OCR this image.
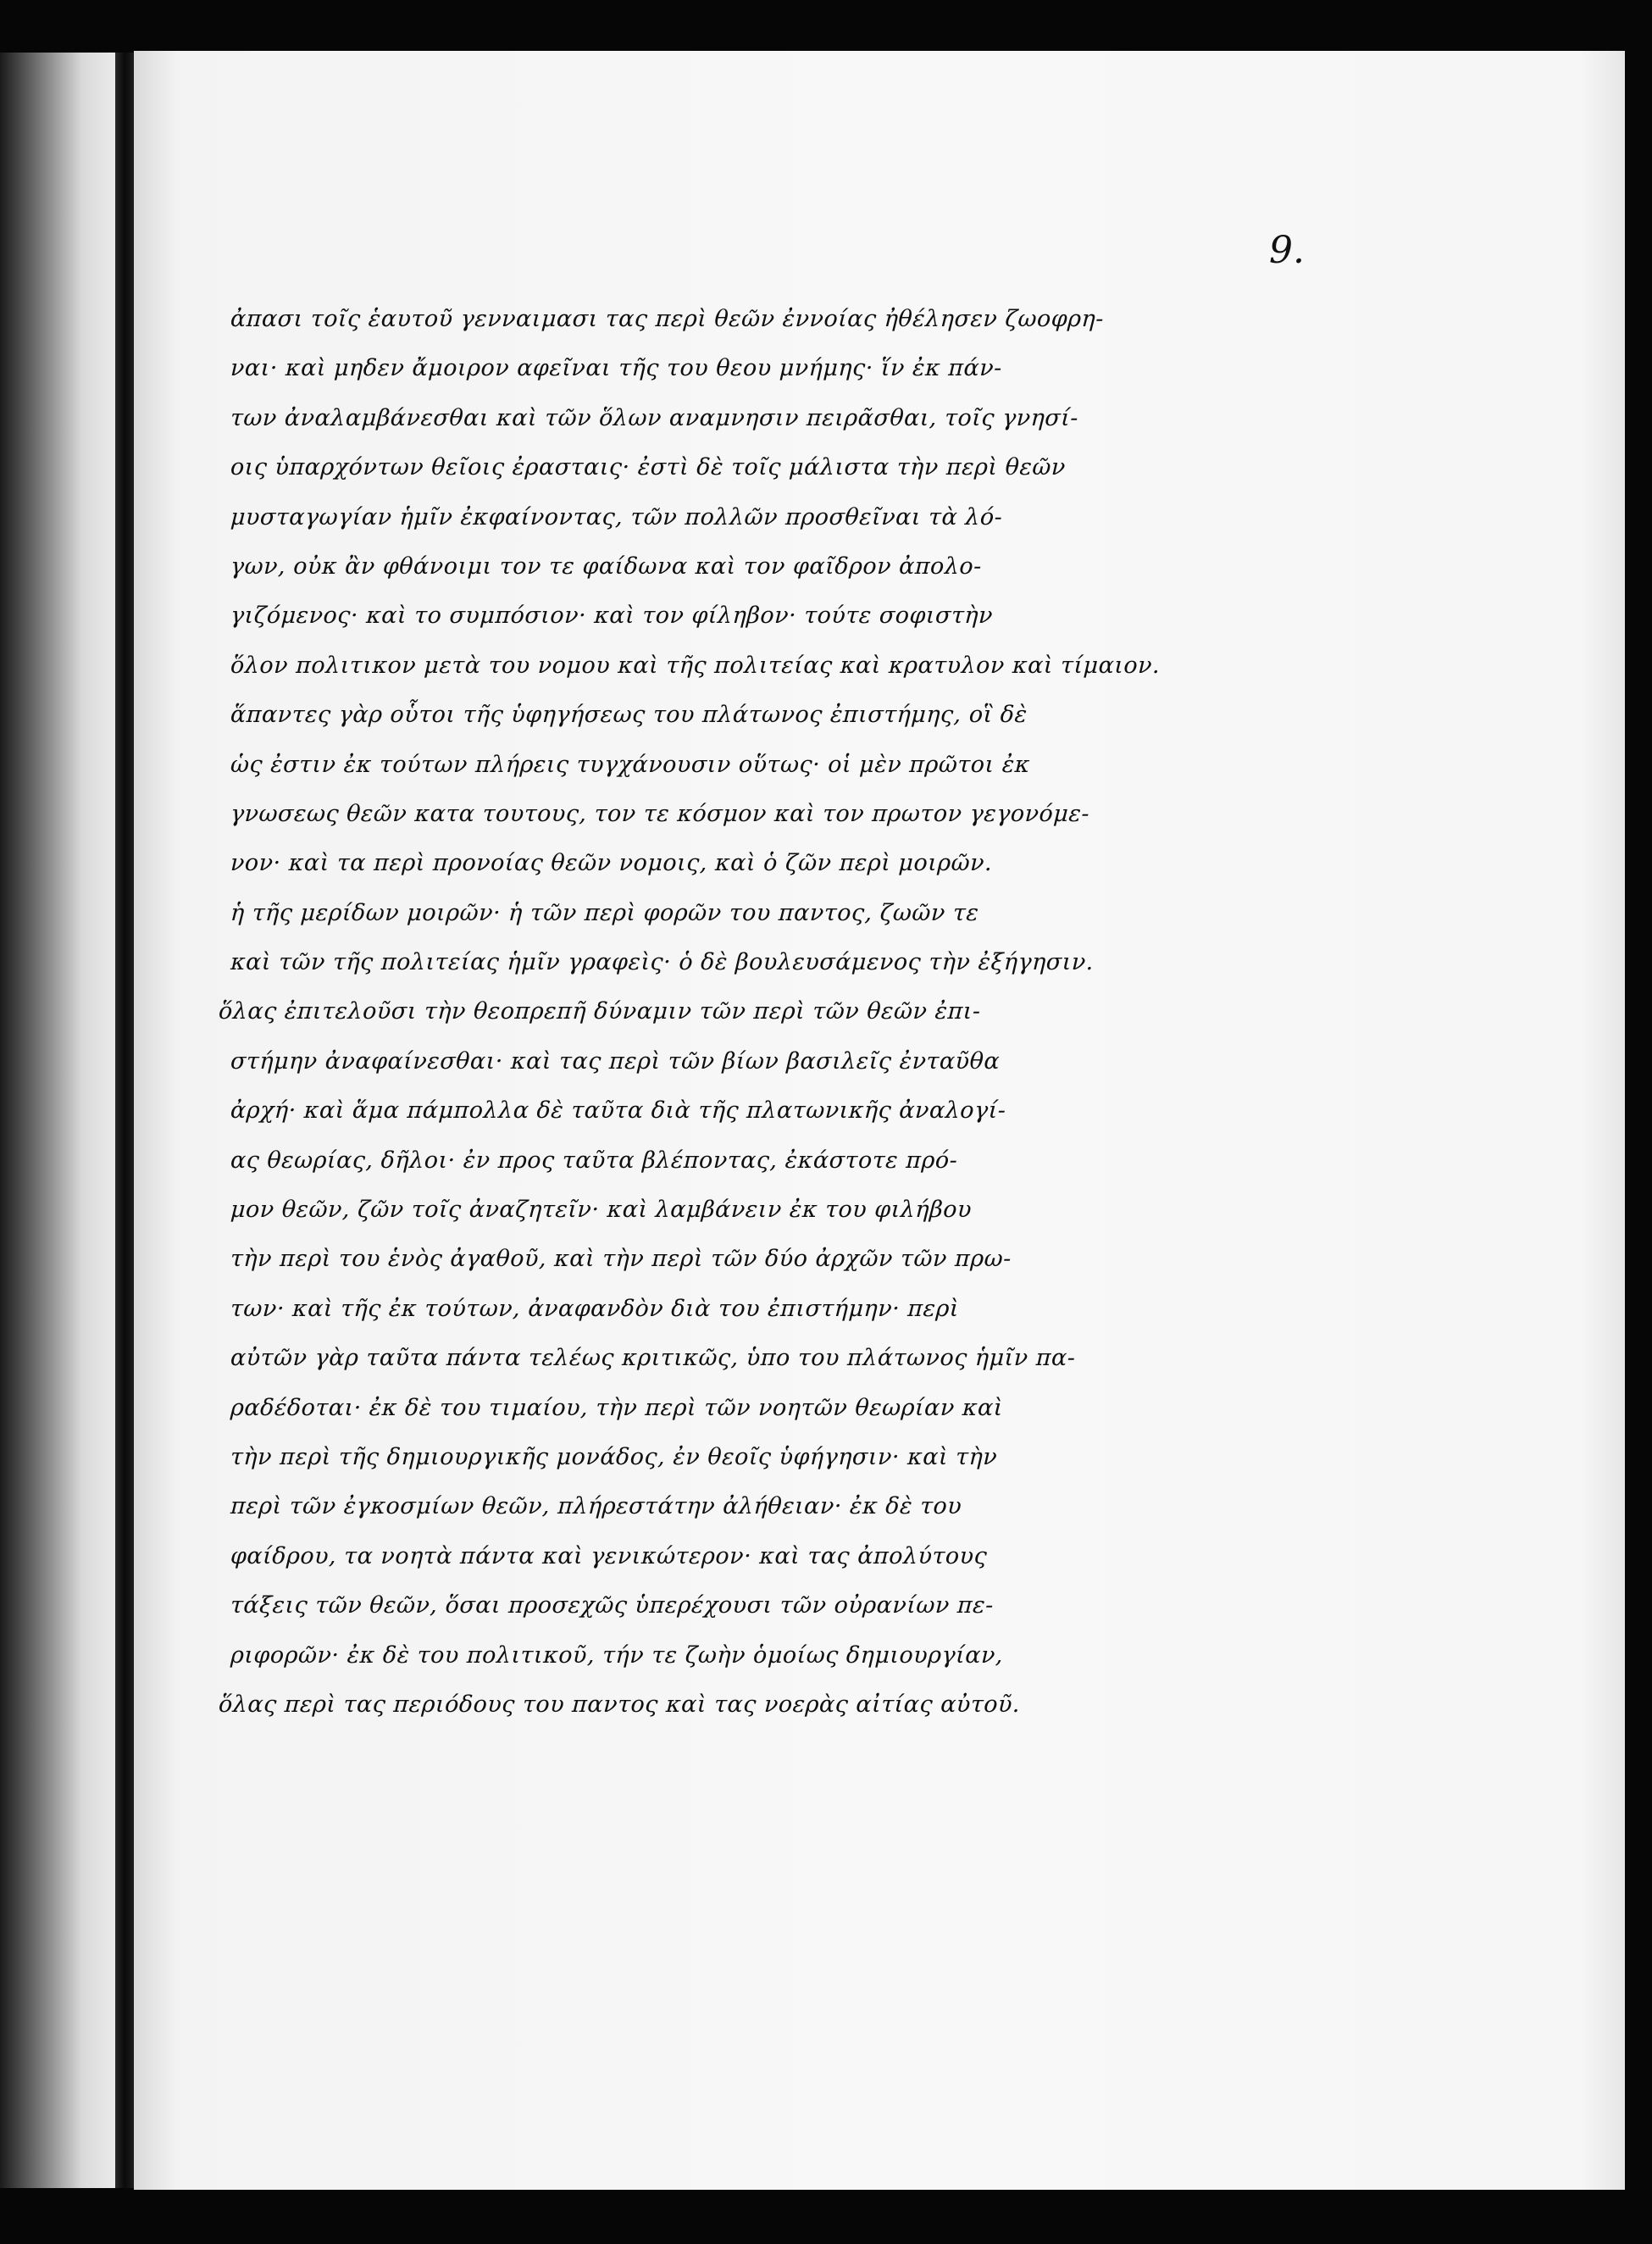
9.
ἀπασι τοῖς ἑαυτοῦ γενναιμασι τας περὶ θεῶν ἐννοίας ἠθέλησεν ζωοφρη-
ναι· καὶ μηδεν ἄμοιρον αφεῖναι τῆς του θεου μνήμης· ἵν ἐκ πάν-
των ἀναλαμβάνεσθαι καὶ τῶν ὅλων αναμνησιν πειρᾶσθαι, τοῖς γνησί-
οις ὑπαρχόντων θεῖοις ἐρασταις· ἐστὶ δὲ τοῖς μάλιστα τὴν περὶ θεῶν
μυσταγωγίαν ἡμῖν ἐκφαίνοντας, τῶν πολλῶν προσθεῖναι τὰ λό-
γων, οὐκ ἂν φθάνοιμι τον τε φαίδωνα καὶ τον φαῖδρον ἀπολο-
γιζόμενος· καὶ το συμπόσιον· καὶ τον φίληβον· τούτε σοφιστὴν
ὅλον πολιτικον μετὰ του νομου καὶ τῆς πολιτείας καὶ κρατυλον καὶ τίμαιον.
ἅπαντες γὰρ οὗτοι τῆς ὑφηγήσεως του πλάτωνος ἐπιστήμης, οἳ δὲ
ὡς ἐστιν ἐκ τούτων πλήρεις τυγχάνουσιν οὕτως· οἱ μὲν πρῶτοι ἐκ
γνωσεως θεῶν κατα τουτους, τον τε κόσμον καὶ τον πρωτον γεγονόμε-
νον· καὶ τα περὶ προνοίας θεῶν νομοις, καὶ ὁ ζῶν περὶ μοιρῶν.
ἡ τῆς μερίδων μοιρῶν· ἡ τῶν περὶ φορῶν του παντος, ζωῶν τε
καὶ τῶν τῆς πολιτείας ἡμῖν γραφεὶς· ὁ δὲ βουλευσάμενος τὴν ἐξήγησιν.
ὅλας ἐπιτελοῦσι τὴν θεοπρεπῆ δύναμιν τῶν περὶ τῶν θεῶν ἐπι-
στήμην ἀναφαίνεσθαι· καὶ τας περὶ τῶν βίων βασιλεῖς ἐνταῦθα
ἀρχή· καὶ ἅμα πάμπολλα δὲ ταῦτα διὰ τῆς πλατωνικῆς ἀναλογί-
ας θεωρίας, δῆλοι· ἐν προς ταῦτα βλέποντας, ἐκάστοτε πρό-
μον θεῶν, ζῶν τοῖς ἀναζητεῖν· καὶ λαμβάνειν ἐκ του φιλήβου
τὴν περὶ του ἑνὸς ἀγαθοῦ, καὶ τὴν περὶ τῶν δύο ἀρχῶν τῶν πρω-
των· καὶ τῆς ἐκ τούτων, ἀναφανδὸν διὰ του ἐπιστήμην· περὶ
αὐτῶν γὰρ ταῦτα πάντα τελέως κριτικῶς, ὑπο του πλάτωνος ἡμῖν πα-
ραδέδοται· ἐκ δὲ του τιμαίου, τὴν περὶ τῶν νοητῶν θεωρίαν καὶ
τὴν περὶ τῆς δημιουργικῆς μονάδος, ἐν θεοῖς ὑφήγησιν· καὶ τὴν
περὶ τῶν ἐγκοσμίων θεῶν, πλήρεστάτην ἀλήθειαν· ἐκ δὲ του
φαίδρου, τα νοητὰ πάντα καὶ γενικώτερον· καὶ τας ἀπολύτους
τάξεις τῶν θεῶν, ὅσαι προσεχῶς ὑπερέχουσι τῶν οὐρανίων πε-
ριφορῶν· ἐκ δὲ του πολιτικοῦ, τήν τε ζωὴν ὁμοίως δημιουργίαν,
ὅλας περὶ τας περιόδους του παντος καὶ τας νοερὰς αἰτίας αὐτοῦ.
